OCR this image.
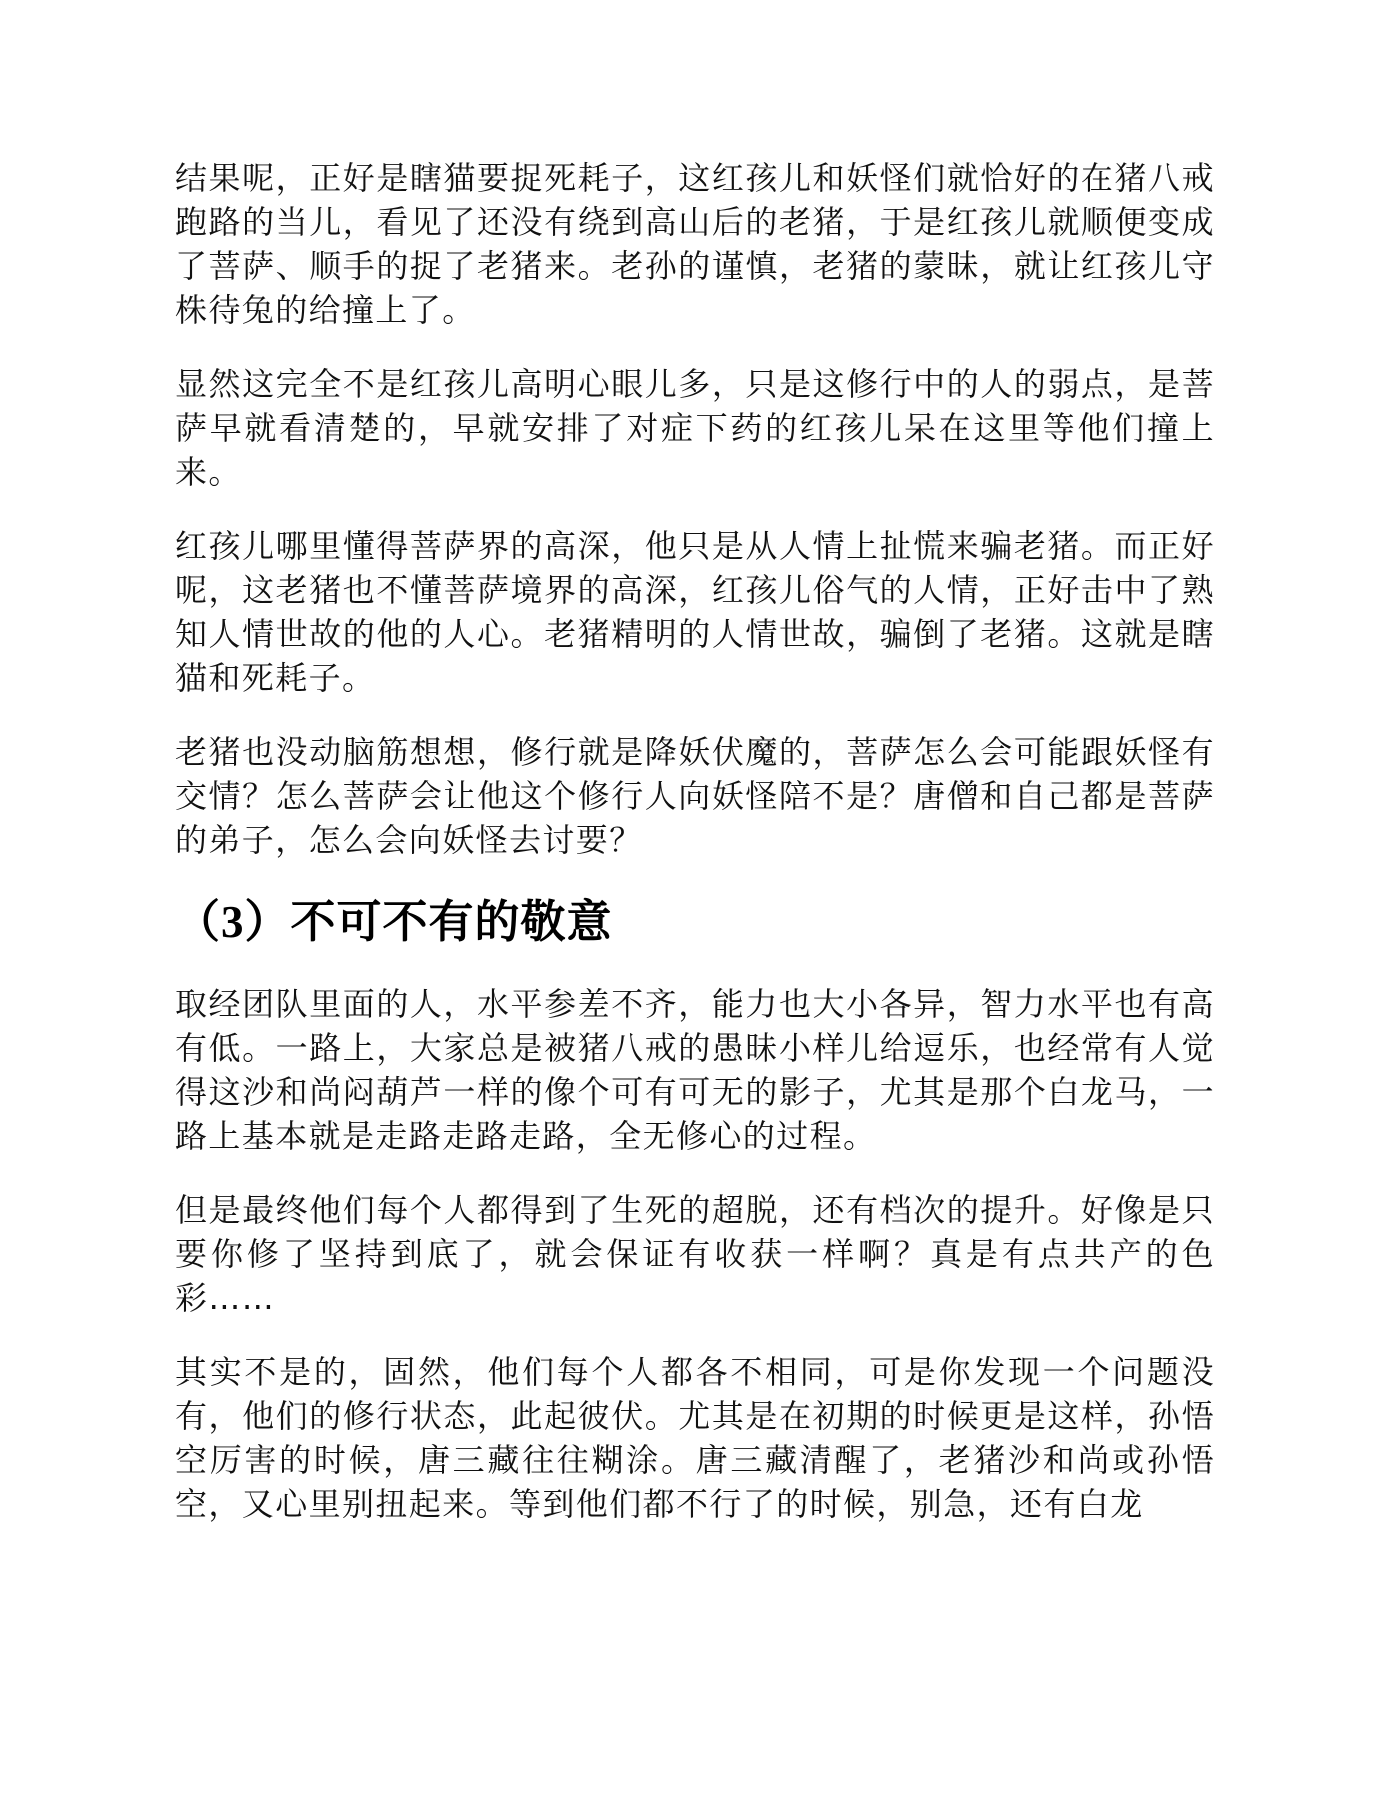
结果呢，正好是瞎猫要捉死耗子，这红孩儿和妖怪们就恰好的在猪八戒跑路的当儿，看见了还没有绕到高山后的老猪，于是红孩儿就顺便变成了菩萨、顺手的捉了老猪来。老孙的谨慎，老猪的蒙昧，就让红孩儿守株待兔的给撞上了。

显然这完全不是红孩儿高明心眼儿多，只是这修行中的人的弱点，是菩萨早就看清楚的，早就安排了对症下药的红孩儿呆在这里等他们撞上来。

红孩儿哪里懂得菩萨界的高深，他只是从人情上扯慌来骗老猪。而正好呢，这老猪也不懂菩萨境界的高深，红孩儿俗气的人情，正好击中了熟知人情世故的他的人心。老猪精明的人情世故，骗倒了老猪。这就是瞎猫和死耗子。

老猪也没动脑筋想想，修行就是降妖伏魔的，菩萨怎么会可能跟妖怪有交情？怎么菩萨会让他这个修行人向妖怪陪不是？唐僧和自己都是菩萨的弟子，怎么会向妖怪去讨要？

（3）不可不有的敬意

取经团队里面的人，水平参差不齐，能力也大小各异，智力水平也有高有低。一路上，大家总是被猪八戒的愚昧小样儿给逗乐，也经常有人觉得这沙和尚闷葫芦一样的像个可有可无的影子，尤其是那个白龙马，一路上基本就是走路走路走路，全无修心的过程。

但是最终他们每个人都得到了生死的超脱，还有档次的提升。好像是只要你修了坚持到底了，就会保证有收获一样啊？真是有点共产的色彩……

其实不是的，固然，他们每个人都各不相同，可是你发现一个问题没有，他们的修行状态，此起彼伏。尤其是在初期的时候更是这样，孙悟空厉害的时候，唐三藏往往糊涂。唐三藏清醒了，老猪沙和尚或孙悟空，又心里别扭起来。等到他们都不行了的时候，别急，还有白龙
